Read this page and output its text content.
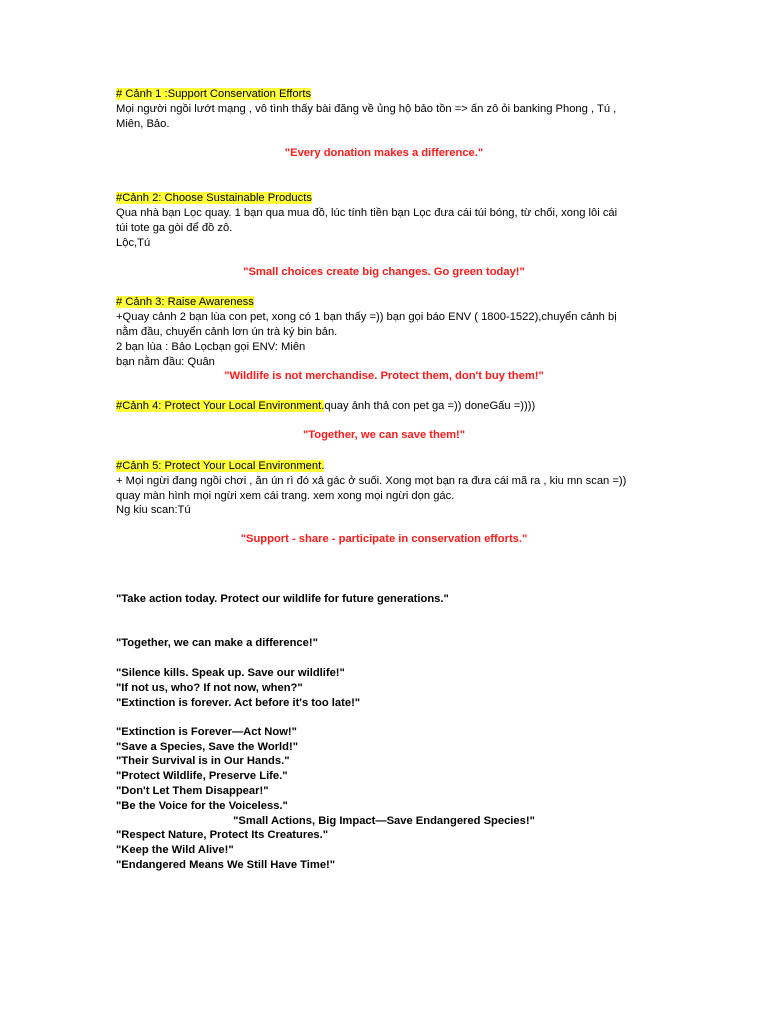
# Cảnh 1 :Support Conservation Efforts
Mọi người ngồi lướt mạng , vô tình thấy bài đăng về ủng hộ bảo tồn => ấn zô ỏi banking Phong , Tú ,
Miên, Bảo.
"Every donation makes a difference."
#Cảnh 2: Choose Sustainable Products
Qua nhà bạn Lọc quay. 1 bạn qua mua đồ, lúc tính tiền bạn Lọc đưa cái túi bóng, từ chối, xong lôi cái
túi tote ga gòi để đồ zô.
Lộc,Tú
"Small choices create big changes. Go green today!"
# Cảnh 3: Raise Awareness
+Quay cảnh 2 bạn lùa con pet, xong có 1 bạn thấy =)) bạn gọi báo ENV ( 1800-1522),chuyển cảnh bị
nằm đầu, chuyển cảnh lơn ún trà ký bin bản.
2 bạn lùa : Bảo Lọcbạn gọi ENV: Miên
bạn nằm đầu: Quân
"Wildlife is not merchandise. Protect them, don't buy them!"
#Cảnh 4: Protect Your Local Environment.quay ảnh thả con pet ga =)) doneGấu =))))
"Together, we can save them!"
#Cảnh 5: Protect Your Local Environment.
+ Mọi ngừi đang ngồi chơi , ăn ún rì đó xả gác ở suối. Xong mọt bạn ra đưa cái mã ra , kiu mn scan =))
quay màn hình mọi ngừi xem cái trang. xem xong mọi ngừi dọn gác.
Ng kiu scan:Tú
"Support - share - participate in conservation efforts."
"Take action today. Protect our wildlife for future generations."
"Together, we can make a difference!"
"Silence kills. Speak up. Save our wildlife!"
"If not us, who? If not now, when?"
"Extinction is forever. Act before it's too late!"
"Extinction is Forever—Act Now!"
"Save a Species, Save the World!"
"Their Survival is in Our Hands."
"Protect Wildlife, Preserve Life."
"Don't Let Them Disappear!"
"Be the Voice for the Voiceless."
"Small Actions, Big Impact—Save Endangered Species!"
"Respect Nature, Protect Its Creatures."
"Keep the Wild Alive!"
"Endangered Means We Still Have Time!"
